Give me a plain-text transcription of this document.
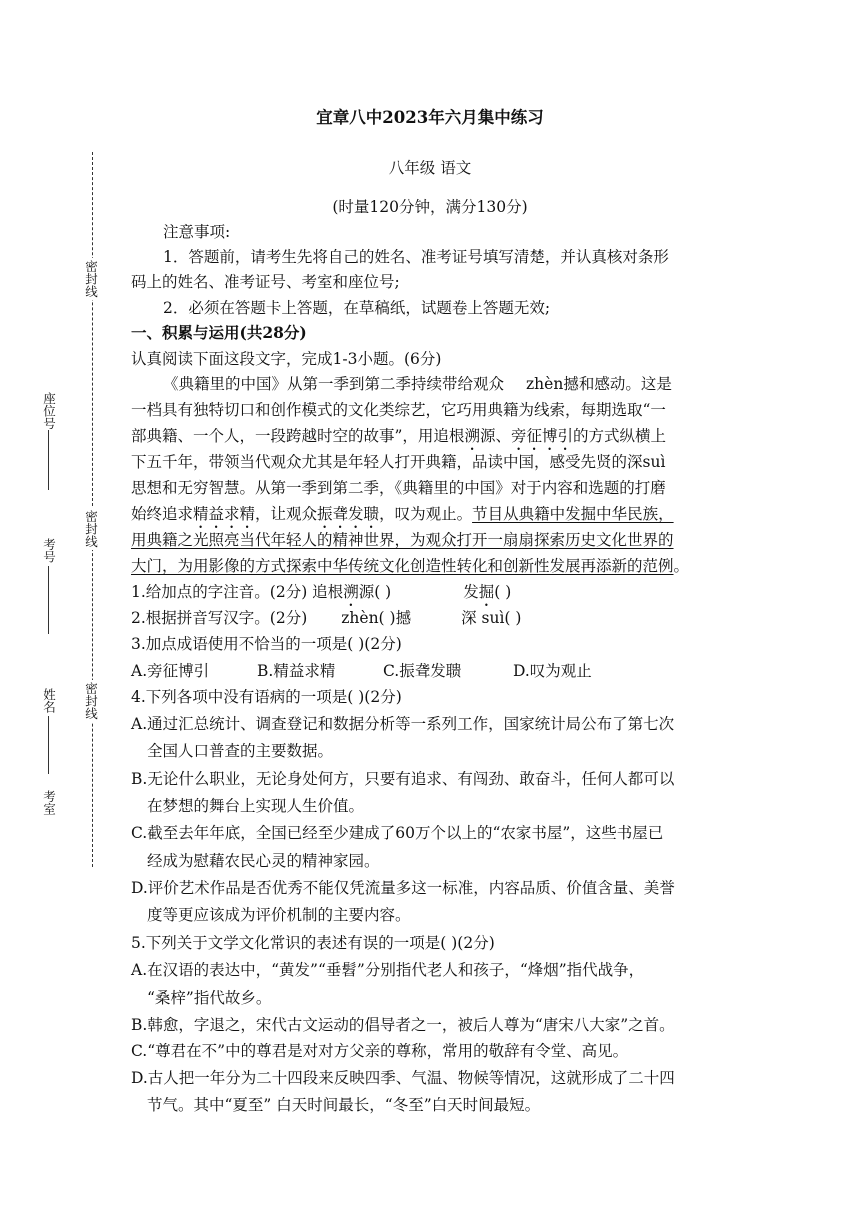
密封线
密封线
密封线
座位号
考号
姓名
考室
宜章八中2023年六月集中练习
八年级 语文
(时量120分钟，满分130分)
注意事项:
1．答题前，请考生先将自己的姓名、准考证号填写清楚，并认真核对条形
码上的姓名、准考证号、考室和座位号;
2．必须在答题卡上答题，在草稿纸，试题卷上答题无效;
一、积累与运用(共28分)
认真阅读下面这段文字，完成1-3小题。(6分)
《典籍里的中国》从第一季到第二季持续带给观众 zhèn撼和感动。这是
一档具有独特切口和创作模式的文化类综艺，它巧用典籍为线索，每期选取“一
部典籍、一个人，一段跨越时空的故事”，用追根溯源、旁征博引的方式纵横上
下五千年，带领当代观众尤其是年轻人打开典籍，品读中国，感受先贤的深suì
思想和无穷智慧。从第一季到第二季，《典籍里的中国》对于内容和选题的打磨
始终追求精益求精，让观众振聋发聩，叹为观止。节目从典籍中发掘中华民族，
用典籍之光照亮当代年轻人的精神世界，为观众打开一扇扇探索历史文化世界的
大门，为用影像的方式探索中华传统文化创造性转化和创新性发展再添新的范例。
1.给加点的字注音。(2分) 追根溯源( )	发掘( )
2.根据拼音写汉字。(2分) zhèn( )撼	深 suì( )
3.加点成语使用不恰当的一项是( )(2分)
A.旁征博引	B.精益求精	C.振聋发聩	D.叹为观止
4.下列各项中没有语病的一项是( )(2分)
A.通过汇总统计、调查登记和数据分析等一系列工作，国家统计局公布了第七次
全国人口普查的主要数据。
B.无论什么职业，无论身处何方，只要有追求、有闯劲、敢奋斗，任何人都可以
在梦想的舞台上实现人生价值。
C.截至去年年底，全国已经至少建成了60万个以上的“农家书屋”，这些书屋已
经成为慰藉农民心灵的精神家园。
D.评价艺术作品是否优秀不能仅凭流量多这一标准，内容品质、价值含量、美誉
度等更应该成为评价机制的主要内容。
5.下列关于文学文化常识的表述有误的一项是( )(2分)
A.在汉语的表达中，“黄发”“垂髫”分别指代老人和孩子，“烽烟”指代战争，
“桑梓”指代故乡。
B.韩愈，字退之，宋代古文运动的倡导者之一，被后人尊为“唐宋八大家”之首。
C.“尊君在不”中的尊君是对对方父亲的尊称，常用的敬辞有令堂、高见。
D.古人把一年分为二十四段来反映四季、气温、物候等情况，这就形成了二十四
节气。其中“夏至” 白天时间最长，“冬至”白天时间最短。
